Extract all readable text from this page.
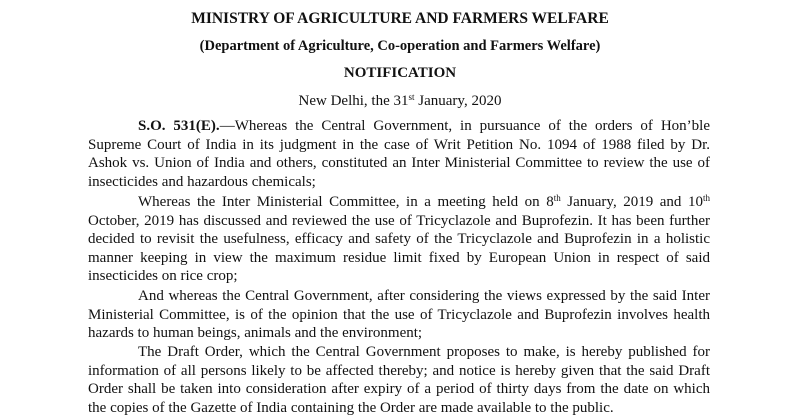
MINISTRY OF AGRICULTURE AND FARMERS WELFARE
(Department of Agriculture, Co-operation and Farmers Welfare)
NOTIFICATION
New Delhi, the 31st January, 2020

S.O. 531(E).—Whereas the Central Government, in pursuance of the orders of Hon’ble Supreme Court of India in its judgment in the case of Writ Petition No. 1094 of 1988 filed by Dr. Ashok vs. Union of India and others, constituted an Inter Ministerial Committee to review the use of insecticides and hazardous chemicals;

Whereas the Inter Ministerial Committee, in a meeting held on 8th January, 2019 and 10th October, 2019 has discussed and reviewed the use of Tricyclazole and Buprofezin. It has been further decided to revisit the usefulness, efficacy and safety of the Tricyclazole and Buprofezin in a holistic manner keeping in view the maximum residue limit fixed by European Union in respect of said insecticides on rice crop;

And whereas the Central Government, after considering the views expressed by the said Inter Ministerial Committee, is of the opinion that the use of Tricyclazole and Buprofezin involves health hazards to human beings, animals and the environment;

The Draft Order, which the Central Government proposes to make, is hereby published for information of all persons likely to be affected thereby; and notice is hereby given that the said Draft Order shall be taken into consideration after expiry of a period of thirty days from the date on which the copies of the Gazette of India containing the Order are made available to the public.
